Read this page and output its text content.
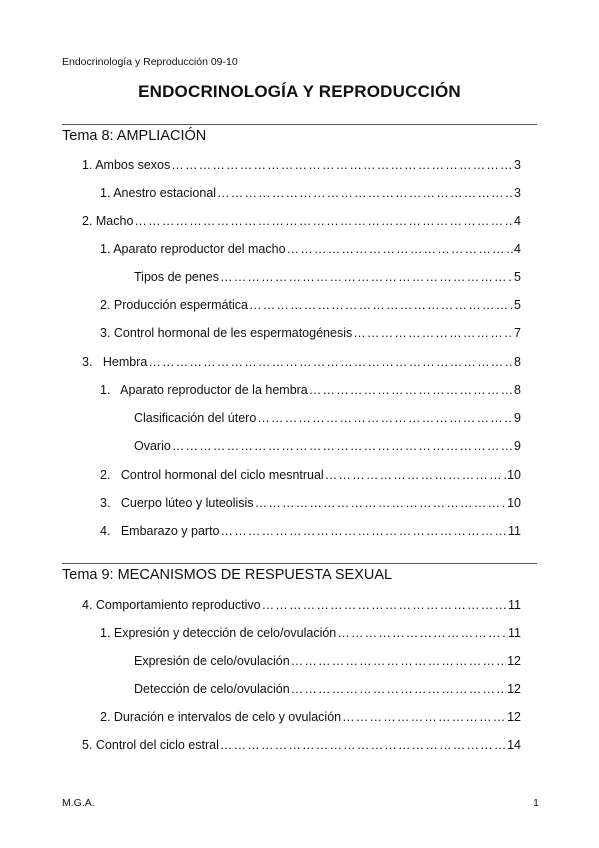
Endocrinología y Reproducción 09-10
ENDOCRINOLOGÍA Y REPRODUCCIÓN
Tema 8: AMPLIACIÓN
1. Ambos sexos …………………………………………………………………………………………………………………………………………………	3
1. Anestro estacional …………………………………………………………………………………………………………………………………………………	3
2. Macho …………………………………………………………………………………………………………………………………………………	4
1. Aparato reproductor del macho …………………………………………………………………………………………………………………………………………………	4
Tipos de penes …………………………………………………………………………………………………………………………………………………	5
2. Producción espermática …………………………………………………………………………………………………………………………………………………	5
3. Control hormonal de les espermatogénesis …………………………………………………………………………………………………………………………………………………	7
3.   Hembra …………………………………………………………………………………………………………………………………………………	8
1.   Aparato reproductor de la hembra …………………………………………………………………………………………………………………………………………………	8
Clasificación del útero …………………………………………………………………………………………………………………………………………………	9
Ovario …………………………………………………………………………………………………………………………………………………	9
2.   Control hormonal del ciclo mesntrual …………………………………………………………………………………………………………………………………………………	10
3.   Cuerpo lúteo y luteolisis …………………………………………………………………………………………………………………………………………………	10
4.   Embarazo y parto …………………………………………………………………………………………………………………………………………………	11
Tema 9: MECANISMOS DE RESPUESTA SEXUAL
4. Comportamiento reproductivo …………………………………………………………………………………………………………………………………………………	11
1. Expresión y detección de celo/ovulación …………………………………………………………………………………………………………………………………………………	11
Expresión de celo/ovulación …………………………………………………………………………………………………………………………………………………	12
Detección de celo/ovulación …………………………………………………………………………………………………………………………………………………	12
2. Duración e intervalos de celo y ovulación …………………………………………………………………………………………………………………………………………………	12
5. Control del ciclo estral …………………………………………………………………………………………………………………………………………………	14
M.G.A.	1
